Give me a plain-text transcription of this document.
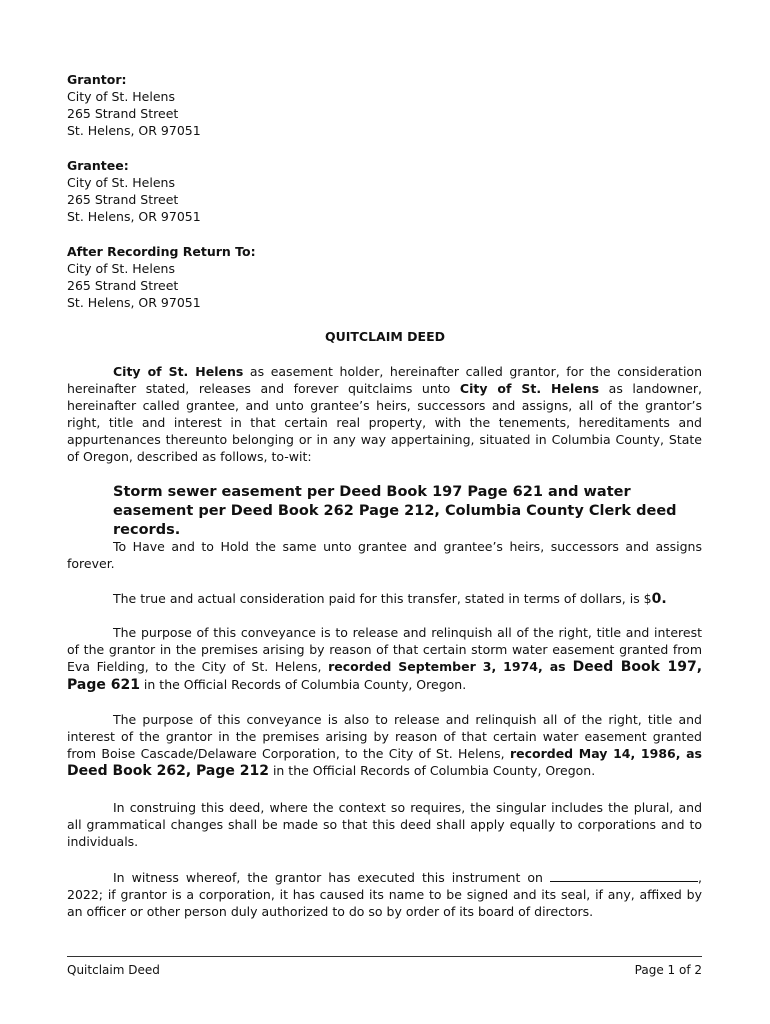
Grantor:
City of St. Helens
265 Strand Street
St. Helens, OR 97051
Grantee:
City of St. Helens
265 Strand Street
St. Helens, OR 97051
After Recording Return To:
City of St. Helens
265 Strand Street
St. Helens, OR 97051
QUITCLAIM DEED
City of St. Helens as easement holder, hereinafter called grantor, for the consideration hereinafter stated, releases and forever quitclaims unto City of St. Helens as landowner, hereinafter called grantee, and unto grantee’s heirs, successors and assigns, all of the grantor’s right, title and interest in that certain real property, with the tenements, hereditaments and appurtenances thereunto belonging or in any way appertaining, situated in Columbia County, State of Oregon, described as follows, to-wit:
Storm sewer easement per Deed Book 197 Page 621 and water easement per Deed Book 262 Page 212, Columbia County Clerk deed records.
To Have and to Hold the same unto grantee and grantee’s heirs, successors and assigns forever.
The true and actual consideration paid for this transfer, stated in terms of dollars, is $0.
The purpose of this conveyance is to release and relinquish all of the right, title and interest of the grantor in the premises arising by reason of that certain storm water easement granted from Eva Fielding, to the City of St. Helens, recorded September 3, 1974, as Deed Book 197, Page 621 in the Official Records of Columbia County, Oregon.
The purpose of this conveyance is also to release and relinquish all of the right, title and interest of the grantor in the premises arising by reason of that certain water easement granted from Boise Cascade/Delaware Corporation, to the City of St. Helens, recorded May 14, 1986, as Deed Book 262, Page 212 in the Official Records of Columbia County, Oregon.
In construing this deed, where the context so requires, the singular includes the plural, and all grammatical changes shall be made so that this deed shall apply equally to corporations and to individuals.
In witness whereof, the grantor has executed this instrument on	, 2022; if grantor is a corporation, it has caused its name to be signed and its seal, if any, affixed by an officer or other person duly authorized to do so by order of its board of directors.
Quitclaim Deed	Page 1 of 2
